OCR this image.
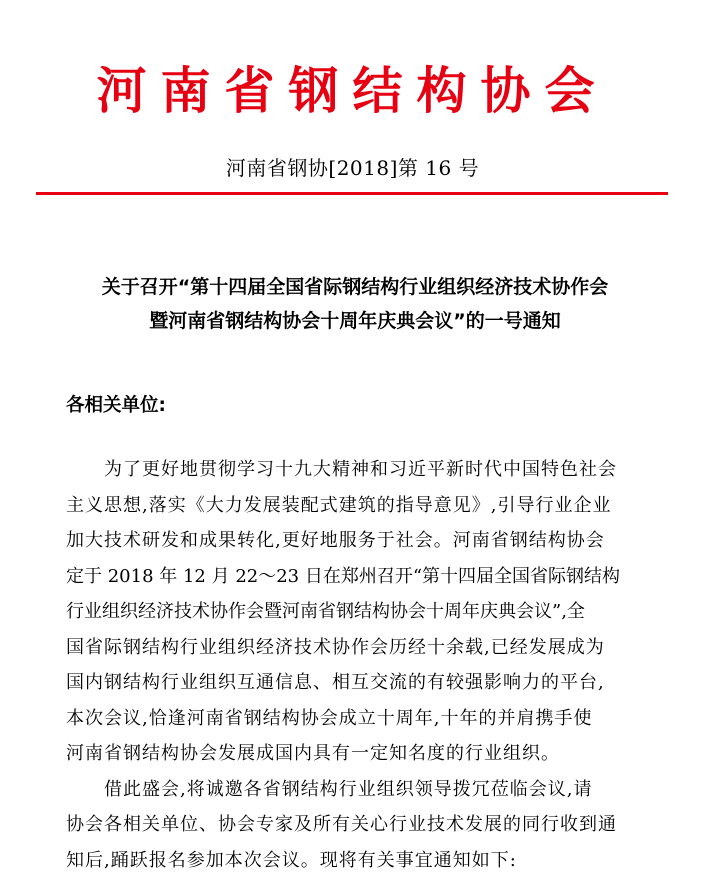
河南省钢结构协会
河南省钢协[2018]第 16 号
关于召开“第十四届全国省际钢结构行业组织经济技术协作会
暨河南省钢结构协会十周年庆典会议”的一号通知
各相关单位:
为了更好地贯彻学习十九大精神和习近平新时代中国特色社会
主义思想,落实《大力发展装配式建筑的指导意见》,引导行业企业
加大技术研发和成果转化,更好地服务于社会。河南省钢结构协会
定于 2018 年 12 月 22～23 日在郑州召开“第十四届全国省际钢结构
行业组织经济技术协作会暨河南省钢结构协会十周年庆典会议”,全
国省际钢结构行业组织经济技术协作会历经十余载,已经发展成为
国内钢结构行业组织互通信息、相互交流的有较强影响力的平台,
本次会议,恰逢河南省钢结构协会成立十周年,十年的并肩携手使
河南省钢结构协会发展成国内具有一定知名度的行业组织。
借此盛会,将诚邀各省钢结构行业组织领导拨冗莅临会议,请
协会各相关单位、协会专家及所有关心行业技术发展的同行收到通
知后,踊跃报名参加本次会议。现将有关事宜通知如下:
